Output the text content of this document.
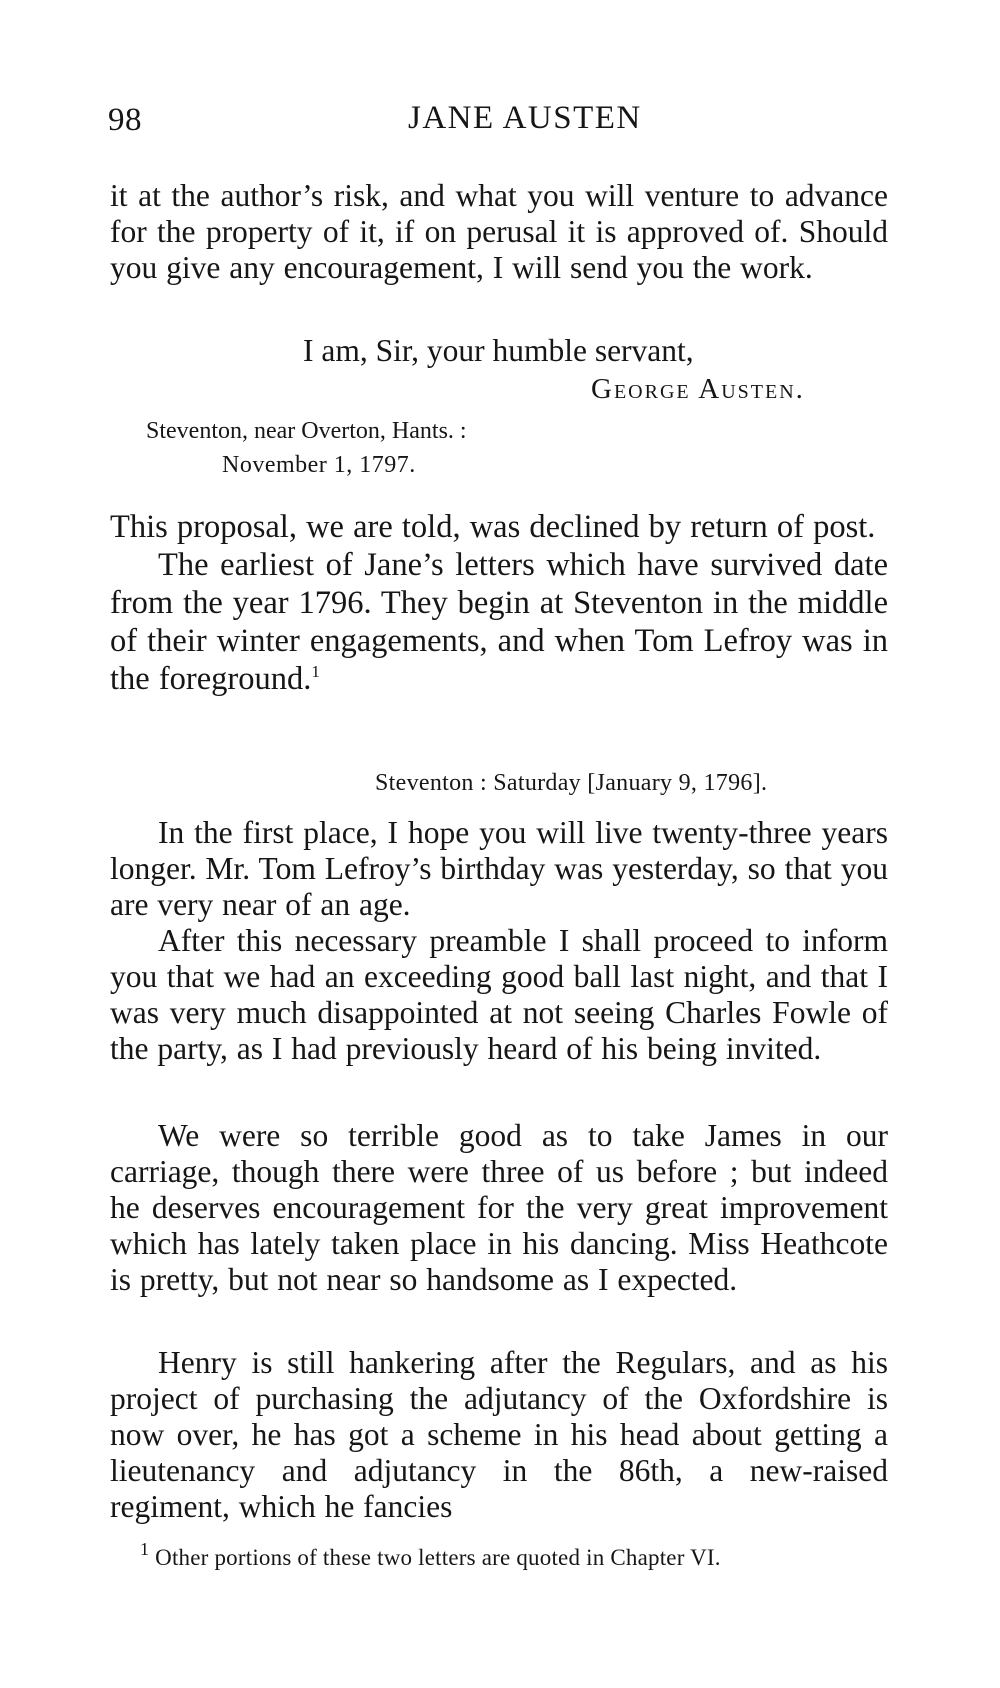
98	JANE AUSTEN

it at the author’s risk, and what you will venture to advance for the property of it, if on perusal it is approved of. Should you give any encouragement, I will send you the work.

I am, Sir, your humble servant,
George Austen.
Steventon, near Overton, Hants. :
November 1, 1797.

This proposal, we are told, was declined by return of post.

The earliest of Jane’s letters which have survived date from the year 1796. They begin at Steventon in the middle of their winter engagements, and when Tom Lefroy was in the foreground.$^1$

Steventon : Saturday [January 9, 1796].

In the first place, I hope you will live twenty-three years longer. Mr. Tom Lefroy’s birthday was yesterday, so that you are very near of an age.

After this necessary preamble I shall proceed to inform you that we had an exceeding good ball last night, and that I was very much disappointed at not seeing Charles Fowle of the party, as I had previously heard of his being invited.

We were so terrible good as to take James in our carriage, though there were three of us before ; but indeed he deserves encouragement for the very great improvement which has lately taken place in his dancing. Miss Heathcote is pretty, but not near so handsome as I expected.

Henry is still hankering after the Regulars, and as his project of purchasing the adjutancy of the Oxfordshire is now over, he has got a scheme in his head about getting a lieutenancy and adjutancy in the 86th, a new-raised regiment, which he fancies

$^1$ Other portions of these two letters are quoted in Chapter VI.
